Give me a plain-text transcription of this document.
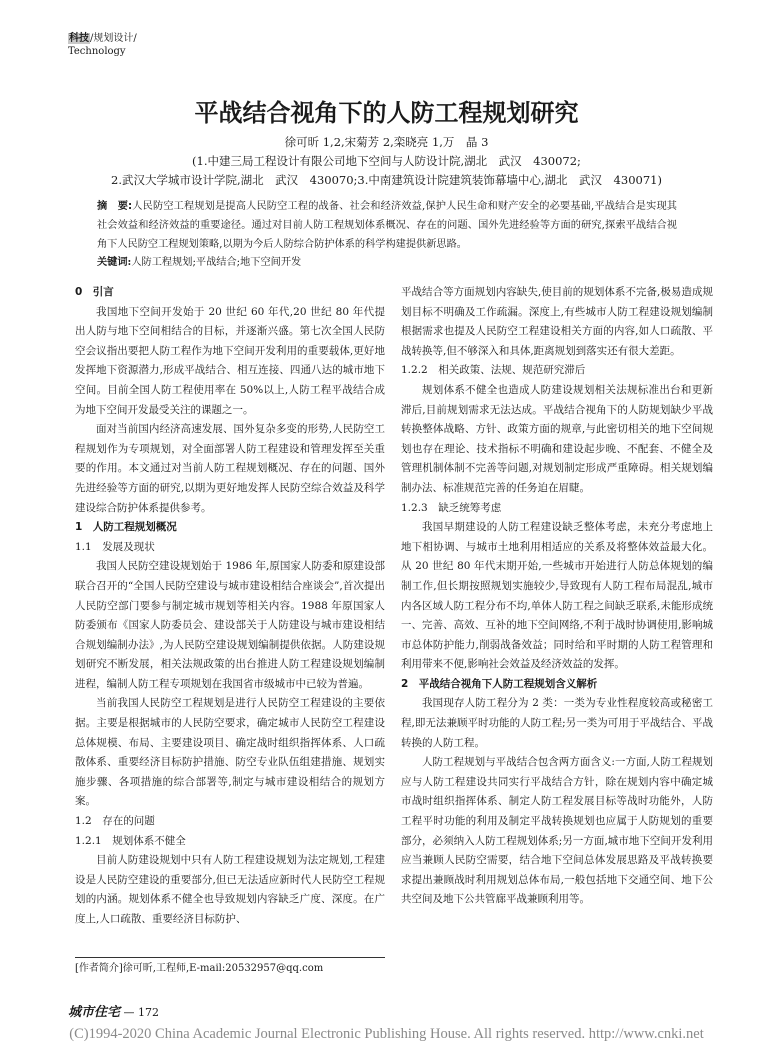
科技/规划设计/
Technology
平战结合视角下的人防工程规划研究
徐可昕 1,2,宋菊芳 2,栾晓亮 1,万　晶 3
(1.中建三局工程设计有限公司地下空间与人防设计院,湖北　武汉　430072;
2.武汉大学城市设计学院,湖北　武汉　430070;3.中南建筑设计院建筑装饰幕墙中心,湖北　武汉　430071)
摘　要:人民防空工程规划是提高人民防空工程的战备、社会和经济效益,保护人民生命和财产安全的必要基础,平战结合是实现其社会效益和经济效益的重要途径。通过对目前人防工程规划体系概况、存在的问题、国外先进经验等方面的研究,探索平战结合视角下人民防空工程规划策略,以期为今后人防综合防护体系的科学构建提供新思路。
关键词:人防工程规划;平战结合;地下空间开发
0　引言

我国地下空间开发始于 20 世纪 60 年代,20 世纪 80 年代提出人防与地下空间相结合的目标，并逐渐兴盛。第七次全国人民防空会议指出要把人防工程作为地下空间开发利用的重要载体,更好地发挥地下资源潜力,形成平战结合、相互连接、四通八达的城市地下空间。目前全国人防工程使用率在 50%以上,人防工程平战结合成为地下空间开发最受关注的课题之一。

面对当前国内经济高速发展、国外复杂多变的形势,人民防空工程规划作为专项规划，对全面部署人防工程建设和管理发挥至关重要的作用。本文通过对当前人防工程规划概况、存在的问题、国外先进经验等方面的研究,以期为更好地发挥人民防空综合效益及科学建设综合防护体系提供参考。

1　人防工程规划概况
1.1　发展及现状

我国人民防空建设规划始于 1986 年,原国家人防委和原建设部联合召开的“全国人民防空建设与城市建设相结合座谈会”,首次提出人民防空部门要参与制定城市规划等相关内容。1988 年原国家人防委颁布《国家人防委员会、建设部关于人防建设与城市建设相结合规划编制办法》,为人民防空建设规划编制提供依据。人防建设规划研究不断发展，相关法规政策的出台推进人防工程建设规划编制进程，编制人防工程专项规划在我国省市级城市中已较为普遍。

当前我国人民防空工程规划是进行人民防空工程建设的主要依据。主要是根据城市的人民防空要求，确定城市人民防空工程建设总体规模、布局、主要建设项目、确定战时组织指挥体系、人口疏散体系、重要经济目标防护措施、防空专业队伍组建措施、规划实施步骤、各项措施的综合部署等,制定与城市建设相结合的规划方案。

1.2　存在的问题
1.2.1　规划体系不健全

目前人防建设规划中只有人防工程建设规划为法定规划,工程建设是人民防空建设的重要部分,但已无法适应新时代人民防空工程规划的内涵。规划体系不健全也导致规划内容缺乏广度、深度。在广度上,人口疏散、重要经济目标防护、

平战结合等方面规划内容缺失,使目前的规划体系不完备,极易造成规划目标不明确及工作疏漏。深度上,有些城市人防工程建设规划编制根据需求也提及人民防空工程建设相关方面的内容,如人口疏散、平战转换等,但不够深入和具体,距离规划到落实还有很大差距。

1.2.2　相关政策、法规、规范研究滞后

规划体系不健全也造成人防建设规划相关法规标准出台和更新滞后,目前规划需求无法达成。平战结合视角下的人防规划缺少平战转换整体战略、方针、政策方面的规章,与此密切相关的地下空间规划也存在理论、技术指标不明确和建设起步晚、不配套、不健全及管理机制体制不完善等问题,对规划制定形成严重障碍。相关规划编制办法、标准规范完善的任务迫在眉睫。

1.2.3　缺乏统筹考虑

我国早期建设的人防工程建设缺乏整体考虑，未充分考虑地上地下相协调、与城市土地利用相适应的关系及将整体效益最大化。从 20 世纪 80 年代末期开始,一些城市开始进行人防总体规划的编制工作,但长期按照规划实施较少,导致现有人防工程布局混乱,城市内各区域人防工程分布不均,单体人防工程之间缺乏联系,未能形成统一、完善、高效、互补的地下空间网络,不利于战时协调使用,影响城市总体防护能力,削弱战备效益；同时给和平时期的人防工程管理和利用带来不便,影响社会效益及经济效益的发挥。

2　平战结合视角下人防工程规划含义解析

我国现存人防工程分为 2 类：一类为专业性程度较高或秘密工程,即无法兼顾平时功能的人防工程;另一类为可用于平战结合、平战转换的人防工程。

人防工程规划与平战结合包含两方面含义:一方面,人防工程规划应与人防工程建设共同实行平战结合方针，除在规划内容中确定城市战时组织指挥体系、制定人防工程发展目标等战时功能外，人防工程平时功能的利用及制定平战转换规划也应属于人防规划的重要部分，必须纳入人防工程规划体系;另一方面,城市地下空间开发利用应当兼顾人民防空需要，结合地下空间总体发展思路及平战转换要求提出兼顾战时利用规划总体布局,一般包括地下交通空间、地下公共空间及地下公共管廊平战兼顾利用等。

[作者简介]徐可昕,工程师,E-mail:20532957@qq.com
城市住宅 — 172
(C)1994-2020 China Academic Journal Electronic Publishing House. All rights reserved. http://www.cnki.net
